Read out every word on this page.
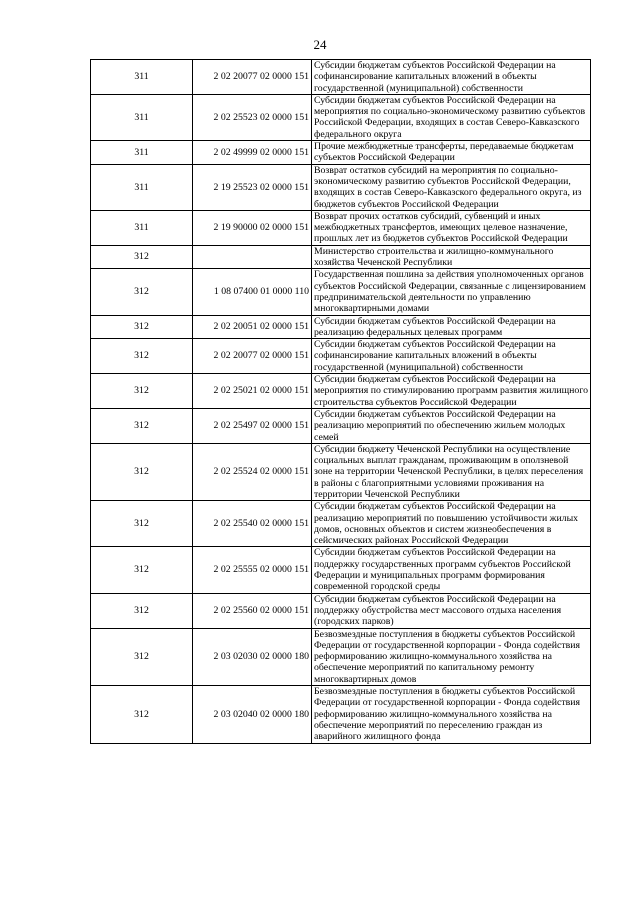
24
311	2 02 20077 02 0000 151	Субсидии бюджетам субъектов Российской Федерации на софинансирование капитальных вложений в объекты государственной (муниципальной) собственности
311	2 02 25523 02 0000 151	Субсидии бюджетам субъектов Российской Федерации на мероприятия по социально-экономическому развитию субъектов Российской Федерации, входящих в состав Северо-Кавказского федерального округа
311	2 02 49999 02 0000 151	Прочие межбюджетные трансферты, передаваемые бюджетам субъектов Российской Федерации
311	2 19 25523 02 0000 151	Возврат остатков субсидий на мероприятия по социально-экономическому развитию субъектов Российской Федерации, входящих в состав Северо-Кавказского федерального округа, из бюджетов субъектов Российской Федерации
311	2 19 90000 02 0000 151	Возврат прочих остатков субсидий, субвенций и иных межбюджетных трансфертов, имеющих целевое назначение, прошлых лет из бюджетов субъектов Российской Федерации
312		Министерство строительства и жилищно-коммунального хозяйства Чеченской Республики
312	1 08 07400 01 0000 110	Государственная пошлина за действия уполномоченных органов субъектов Российской Федерации, связанные с лицензированием предпринимательской деятельности по управлению многоквартирными домами
312	2 02 20051 02 0000 151	Субсидии бюджетам субъектов Российской Федерации на реализацию федеральных целевых программ
312	2 02 20077 02 0000 151	Субсидии бюджетам субъектов Российской Федерации на софинансирование капитальных вложений в объекты государственной (муниципальной) собственности
312	2 02 25021 02 0000 151	Субсидии бюджетам субъектов Российской Федерации на мероприятия по стимулированию программ развития жилищного строительства субъектов Российской Федерации
312	2 02 25497 02 0000 151	Субсидии бюджетам субъектов Российской Федерации на реализацию мероприятий по обеспечению жильем молодых семей
312	2 02 25524 02 0000 151	Субсидии бюджету Чеченской Республики на осуществление социальных выплат гражданам, проживающим в оползневой зоне на территории Чеченской Республики, в целях переселения в районы с благоприятными условиями проживания на территории Чеченской Республики
312	2 02 25540 02 0000 151	Субсидии бюджетам субъектов Российской Федерации на реализацию мероприятий по повышению устойчивости жилых домов, основных объектов и систем жизнеобеспечения в сейсмических районах Российской Федерации
312	2 02 25555 02 0000 151	Субсидии бюджетам субъектов Российской Федерации на поддержку государственных программ субъектов Российской Федерации и муниципальных программ формирования современной городской среды
312	2 02 25560 02 0000 151	Субсидии бюджетам субъектов Российской Федерации на поддержку обустройства мест массового отдыха населения (городских парков)
312	2 03 02030 02 0000 180	Безвозмездные поступления в бюджеты субъектов Российской Федерации от государственной корпорации - Фонда содействия реформированию жилищно-коммунального хозяйства на обеспечение мероприятий по капитальному ремонту многоквартирных домов
312	2 03 02040 02 0000 180	Безвозмездные поступления в бюджеты субъектов Российской Федерации от государственной корпорации - Фонда содействия реформированию жилищно-коммунального хозяйства на обеспечение мероприятий по переселению граждан из аварийного жилищного фонда
